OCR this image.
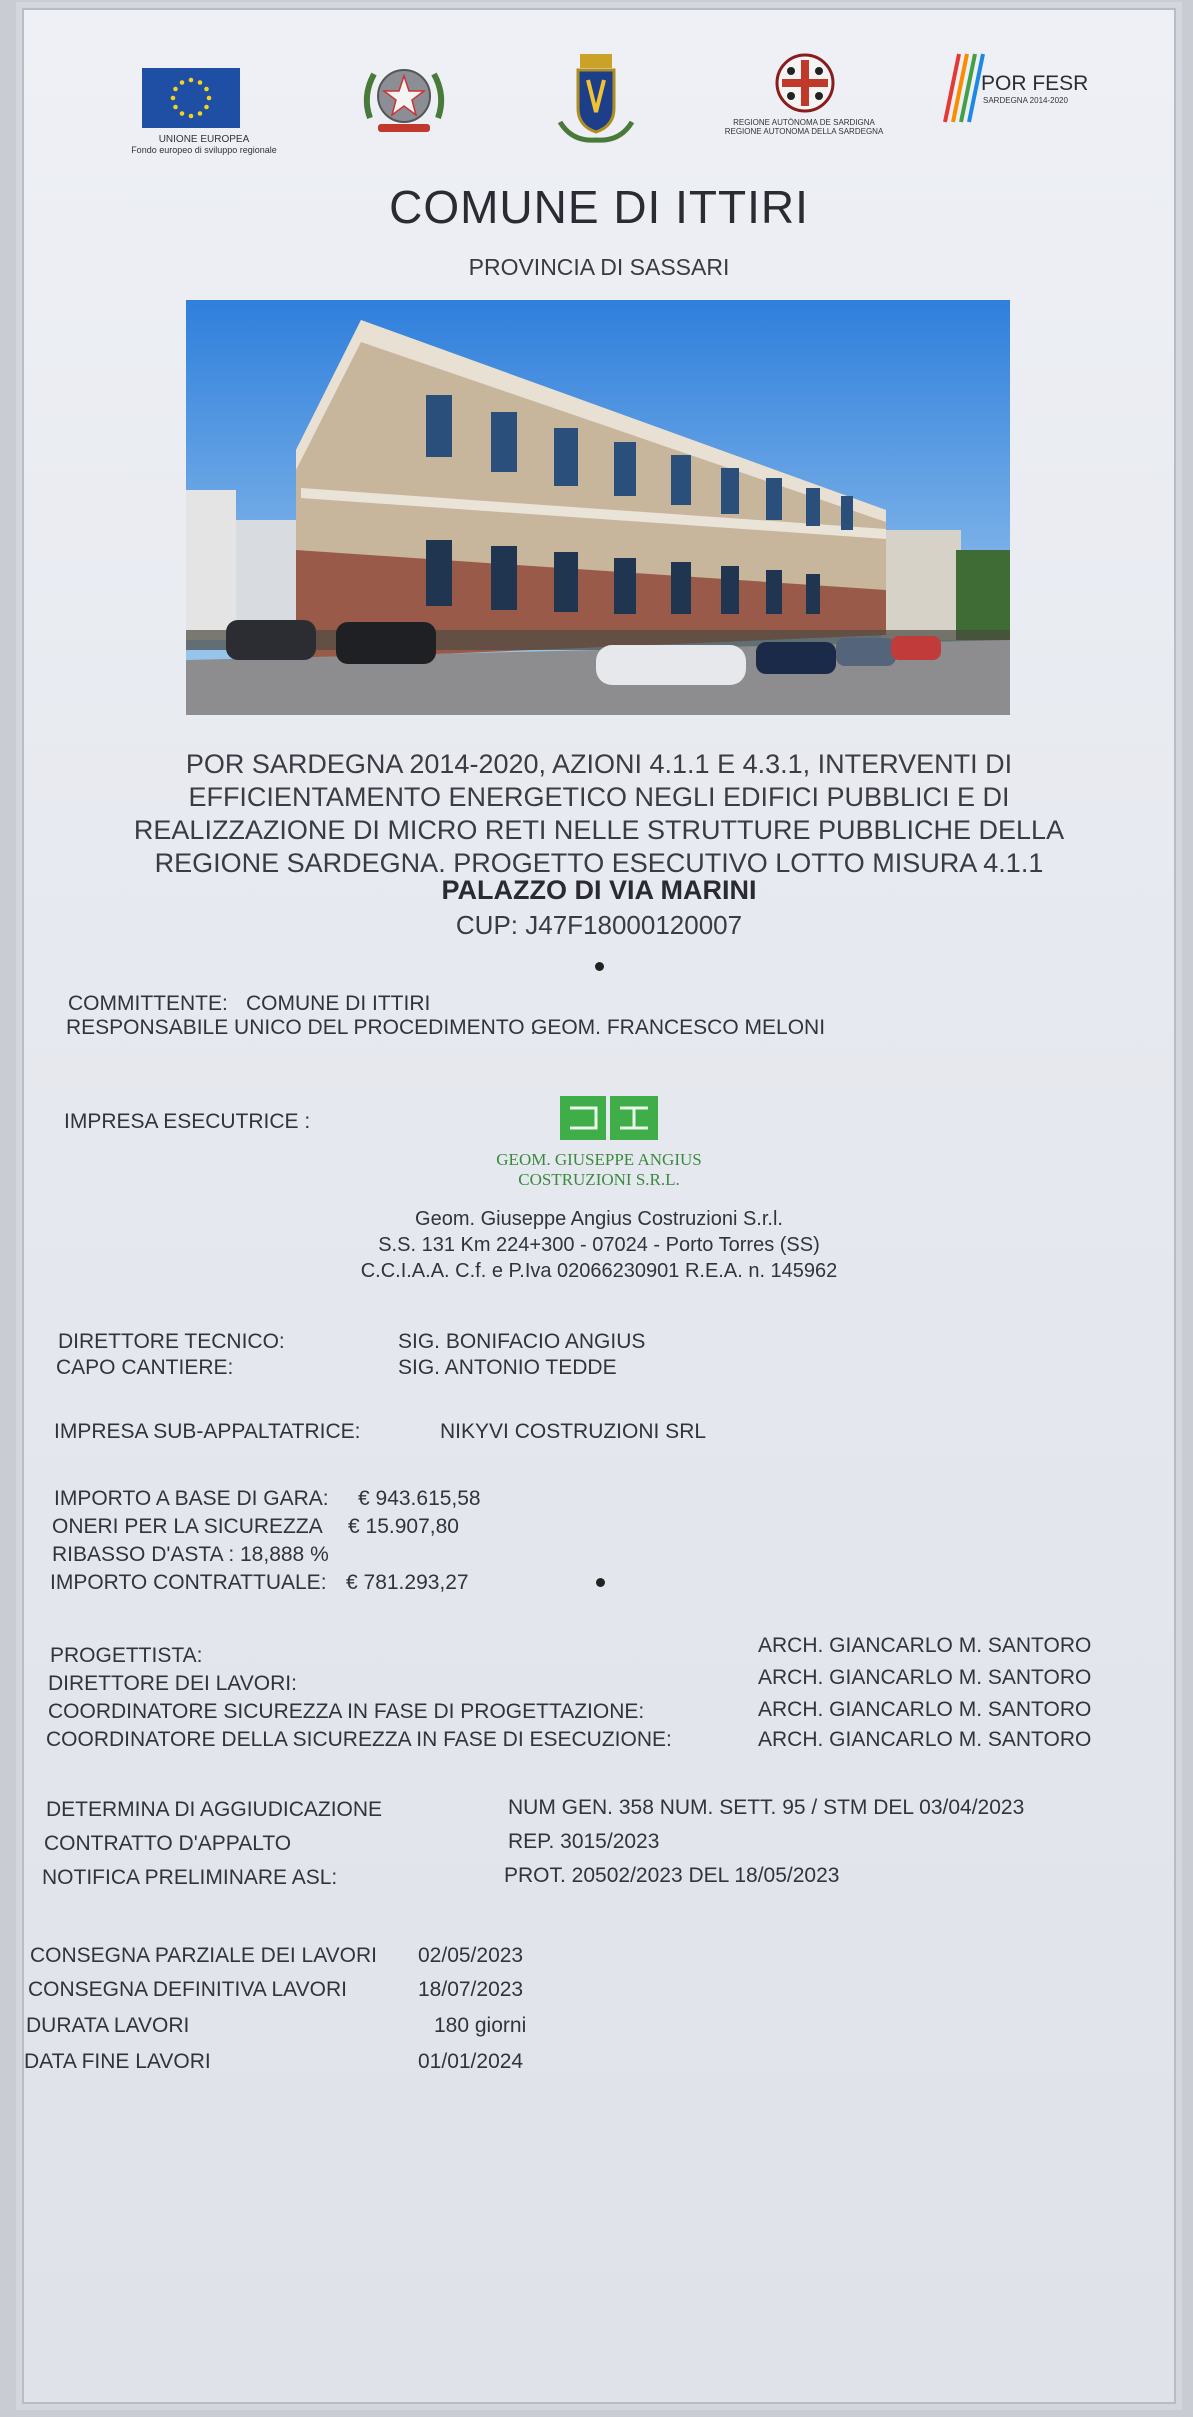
UNIONE EUROPEA
Fondo europeo di sviluppo regionale
REGIONE AUTÒNOMA DE SARDIGNA
REGIONE AUTONOMA DELLA SARDEGNA
POR FESR
SARDEGNA 2014-2020
COMUNE DI ITTIRI
PROVINCIA DI SASSARI
POR SARDEGNA 2014-2020, AZIONI 4.1.1 E 4.3.1, INTERVENTI DI
EFFICIENTAMENTO ENERGETICO NEGLI EDIFICI PUBBLICI E DI
REALIZZAZIONE DI MICRO RETI NELLE STRUTTURE PUBBLICHE DELLA
REGIONE SARDEGNA. PROGETTO ESECUTIVO LOTTO MISURA 4.1.1
PALAZZO DI VIA MARINI
CUP: J47F18000120007
COMMITTENTE: COMUNE DI ITTIRI
RESPONSABILE UNICO DEL PROCEDIMENTO :
GEOM. FRANCESCO MELONI
IMPRESA ESECUTRICE :
GEOM. GIUSEPPE ANGIUS
COSTRUZIONI S.R.L.
Geom. Giuseppe Angius Costruzioni S.r.l.
S.S. 131 Km 224+300 - 07024 - Porto Torres (SS)
C.C.I.A.A. C.f. e P.Iva 02066230901 R.E.A. n. 145962
DIRETTORE TECNICO:	SIG. BONIFACIO ANGIUS
CAPO CANTIERE:	SIG. ANTONIO TEDDE
IMPRESA SUB-APPALTATRICE:	NIKYVI COSTRUZIONI SRL
IMPORTO A BASE DI GARA: € 943.615,58
ONERI PER LA SICUREZZA € 15.907,80
RIBASSO D'ASTA : 18,888 %
IMPORTO CONTRATTUALE: € 781.293,27
PROGETTISTA:	ARCH. GIANCARLO M. SANTORO
DIRETTORE DEI LAVORI:	ARCH. GIANCARLO M. SANTORO
COORDINATORE SICUREZZA IN FASE DI PROGETTAZIONE:	ARCH. GIANCARLO M. SANTORO
COORDINATORE DELLA SICUREZZA IN FASE DI ESECUZIONE:	ARCH. GIANCARLO M. SANTORO
DETERMINA DI AGGIUDICAZIONE	NUM GEN. 358 NUM. SETT. 95 / STM DEL 03/04/2023
CONTRATTO D'APPALTO	REP. 3015/2023
NOTIFICA PRELIMINARE ASL:	PROT. 20502/2023 DEL 18/05/2023
CONSEGNA PARZIALE DEI LAVORI 02/05/2023
CONSEGNA DEFINITIVA LAVORI	18/07/2023
DURATA LAVORI	180 giorni
DATA FINE LAVORI	01/01/2024
